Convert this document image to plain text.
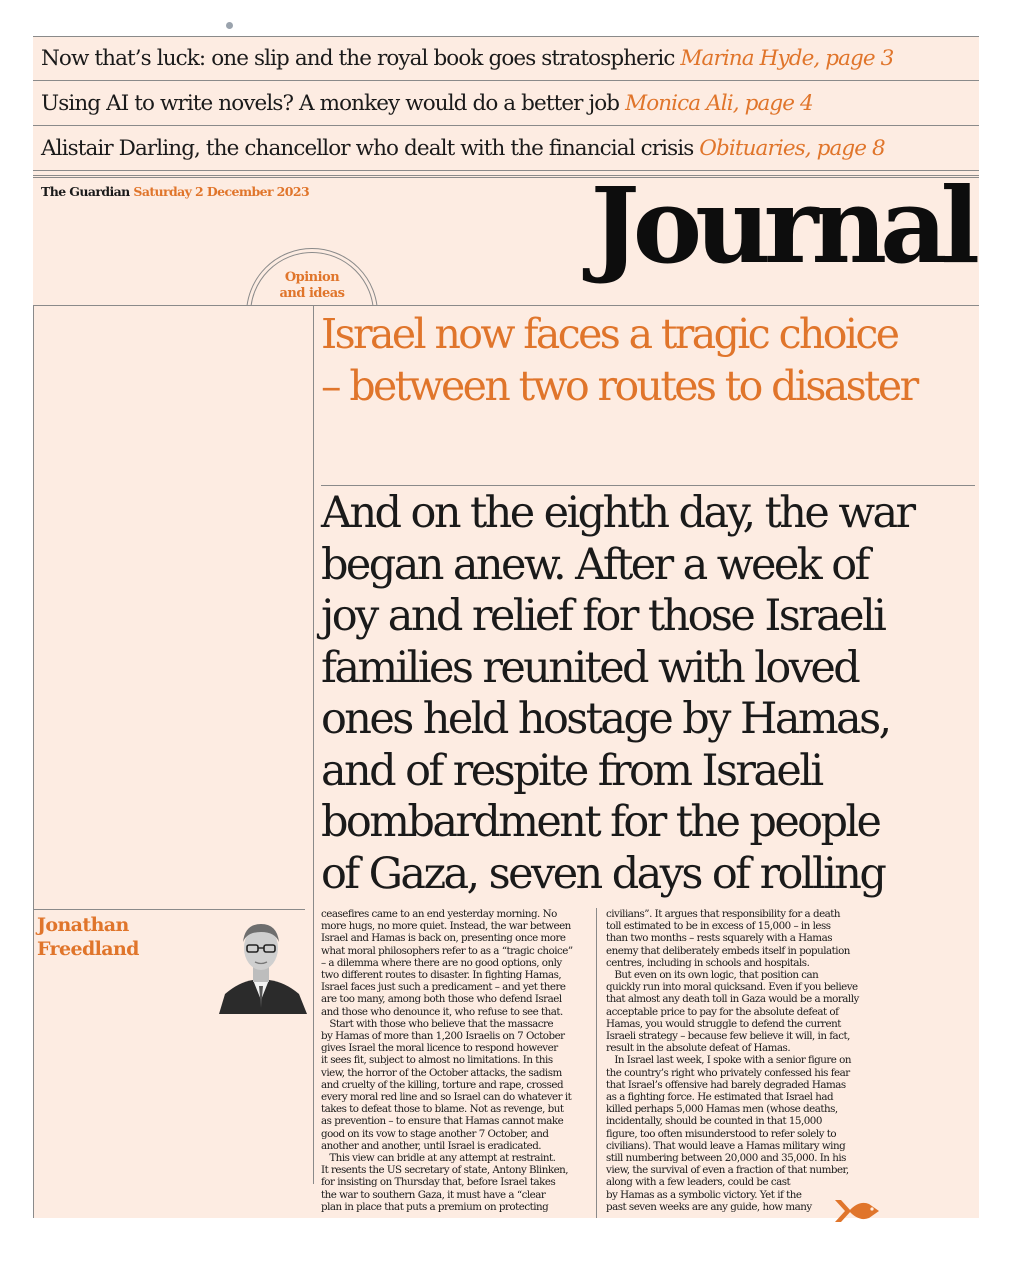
Now that’s luck: one slip and the royal book goes stratospheric Marina Hyde, page 3
Using AI to write novels? A monkey would do a better job Monica Ali, page 4
Alistair Darling, the chancellor who dealt with the financial crisis Obituaries, page 8
The Guardian Saturday 2 December 2023	Journal
Opinion
and ideas
Israel now faces a tragic choice
– between two routes to disaster
And on the eighth day, the war
began anew. After a week of
joy and relief for those Israeli
families reunited with loved
ones held hostage by Hamas,
and of respite from Israeli
bombardment for the people
of Gaza, seven days of rolling
Jonathan
Freedland
ceasefires came to an end yesterday morning. No
more hugs, no more quiet. Instead, the war between
Israel and Hamas is back on, presenting once more
what moral philosophers refer to as a “tragic choice”
– a dilemma where there are no good options, only
two different routes to disaster. In fighting Hamas,
Israel faces just such a predicament – and yet there
are too many, among both those who defend Israel
and those who denounce it, who refuse to see that.
Start with those who believe that the massacre
by Hamas of more than 1,200 Israelis on 7 October
gives Israel the moral licence to respond however
it sees fit, subject to almost no limitations. In this
view, the horror of the October attacks, the sadism
and cruelty of the killing, torture and rape, crossed
every moral red line and so Israel can do whatever it
takes to defeat those to blame. Not as revenge, but
as prevention – to ensure that Hamas cannot make
good on its vow to stage another 7 October, and
another and another, until Israel is eradicated.
This view can bridle at any attempt at restraint.
It resents the US secretary of state, Antony Blinken,
for insisting on Thursday that, before Israel takes
the war to southern Gaza, it must have a “clear
plan in place that puts a premium on protecting
civilians”. It argues that responsibility for a death
toll estimated to be in excess of 15,000 – in less
than two months – rests squarely with a Hamas
enemy that deliberately embeds itself in population
centres, including in schools and hospitals.
But even on its own logic, that position can
quickly run into moral quicksand. Even if you believe
that almost any death toll in Gaza would be a morally
acceptable price to pay for the absolute defeat of
Hamas, you would struggle to defend the current
Israeli strategy – because few believe it will, in fact,
result in the absolute defeat of Hamas.
In Israel last week, I spoke with a senior figure on
the country’s right who privately confessed his fear
that Israel’s offensive had barely degraded Hamas
as a fighting force. He estimated that Israel had
killed perhaps 5,000 Hamas men (whose deaths,
incidentally, should be counted in that 15,000
figure, too often misunderstood to refer solely to
civilians). That would leave a Hamas military wing
still numbering between 20,000 and 35,000. In his
view, the survival of even a fraction of that number,
along with a few leaders, could be cast
by Hamas as a symbolic victory. Yet if the
past seven weeks are any guide, how many
